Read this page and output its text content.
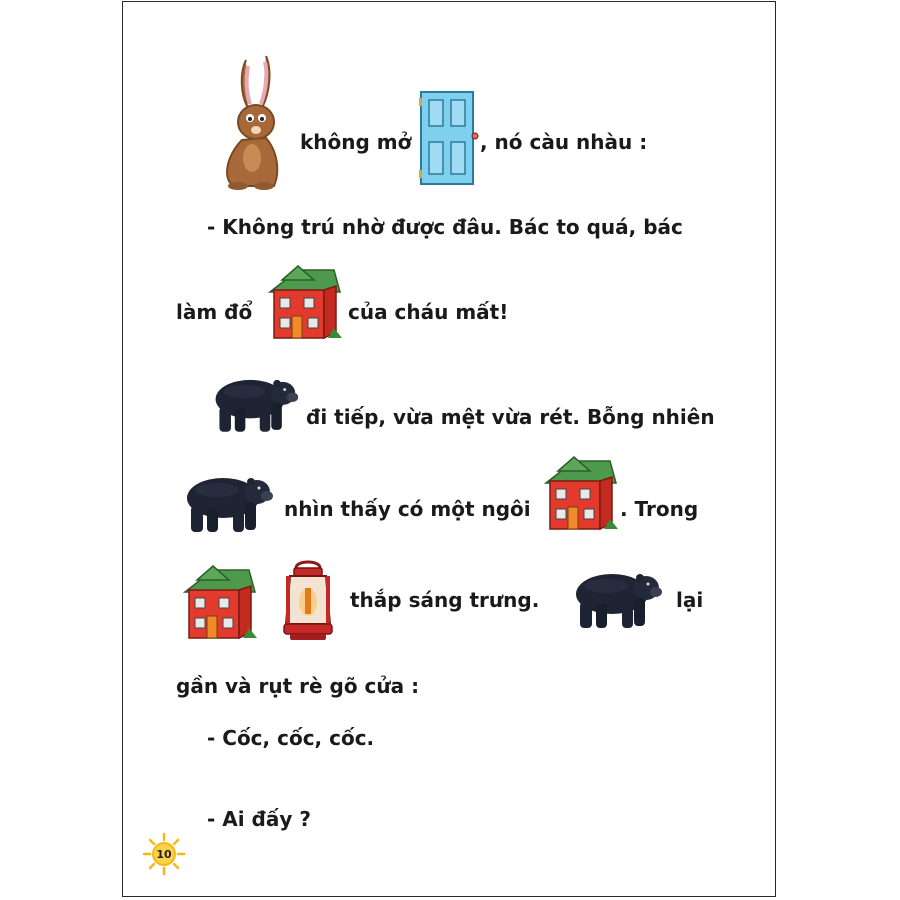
không mở	, nó càu nhàu :
- Không trú nhờ được đâu. Bác to quá, bác
làm đổ	của cháu mất!
đi tiếp, vừa mệt vừa rét. Bỗng nhiên
nhìn thấy có một ngôi	. Trong
thắp sáng trưng.	lại
gần và rụt rè gõ cửa :
- Cốc, cốc, cốc.
- Ai đấy ?
10
